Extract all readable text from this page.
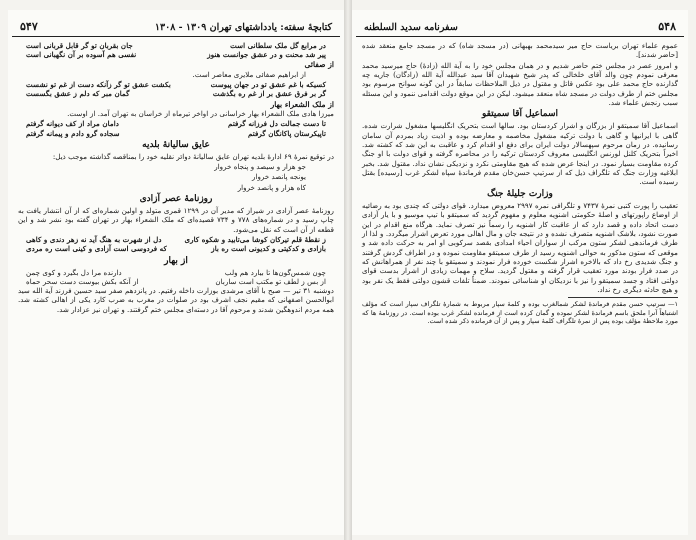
کتابچهٔ سفته: یادداشتهای تهران ۱۳۰۹ - ۱۳۰۸
۵۴۷
در مرابع گل ملک سلطانی است
جان بقربان تو گر قابل قربانی است
پیر شد محنت و در عشق جوانست هنوز
نفسی هم آسوده بر آن نگهبانی است
از صفائی

از ابراهیم صفائی ملایری معاصر است.

کسیکه با غم عشق تو در جهان پیوست
بکشت عشق تو گر زآنکه دست از غم تو نشست
گر بر فرق عشق بر از غم ره بگذشت
گمان مبر که دلم ز عشق بگسست
از ملک الشعراء بهار

میرزا هادی ملک الشعراء بهار خراسانی در اواخر تیرماه از خراسان به تهران آمد. از اوست.

تا دست جمالت دل فرزانه گرفتم
دامان مراد از کف دیوانه گرفتم
تاپیکرستان پاکانگان گرفتم
سجاده گرو دادم و پیمانه گرفتم
عایق سالیانهٔ بلدیه

در توقیع نمرهٔ ۶۹ ادارهٔ بلدیه تهران عایق سالیانهٔ دوائر نقلیه خود را بمناقصه گذاشته موجب ذیل:

جو هزار و سیصد و پنجاه خروار

یونجه پانصد خروار

کاه هزار و پانصد خروار

روزنامهٔ عصر آزادی

روزنامهٔ عصر آزادی در شیراز که مدیر آن در ۱۲۹۹ قمری متولد و اولین شماره‌ای که از آن انتشار یافت به چاپ رسید و در شماره‌های ۷۷۸ و ۷۳۴ قصیده‌ای که ملک الشعراء بهار در تهران گفته بود نشر شد و این قطعه از آن است که نقل می‌شود.

ز نقطهٔ قلم تیرکان کوشا می‌تابید و شکوه کاری
دل از شهرت به هنگ آید نه زهر دندی و کاهی
بازادی و کدکیتی و کدیونی است ره باز
که فردوسی است آزادی و کینی است ره مردی
از بهار
چون شمس‌گون‌ها تا بیارد هم ولب
دارنده مرا دل بگیرد و کوی چمن
از بس ز لطف تو مکتب است ساربان
از آنکه بکش بیوست دست سحر حماه

دوشنبه ۳۱ تیر — صبح با آقای مرشدی بوزارت داخله رفتیم. در پانزدهم صفر سید حسین فرزند آیة الله سید ابوالحسن اصفهانی که مقیم نجف اشرف بود در صلوات در مغرب به ضرب کارد یکی از اهالی کشته شد. همه مردم اندوهگین شدند و مرحوم آقا در دسته‌ای مجلس ختم گرفتند. و تهران نیز عزادار شد.

۵۴۸
سفرنامه سدید السلطنه

عموم علماء تهران بریاست حاج میر سیدمحمد بهبهانی (در مسجد شاه) که در مسجد جامع منعقد شده [حاضر شدند].

و امروز عصر در مجلس ختم حاضر شدیم و در همان مجلس خود را به آیة الله (زادۀ) حاج میرسید محمد معرفی نمودم چون والد آقای خلخالی که پدر شیخ شهیدان آقا سید عبدالله آیة الله (زادگان) جاریه چه گذارنده حاج محمد علی بود عکس قاتل و مقتول در ذیل الملاحظات سابقاً در این گونه سوانح مرسوم بود مجلس ختم از طرف دولت در مسجد شاه منعقد میشود. لیکن در این موقع دولت اقدامی ننمود و این مسئله سبب رنجش علماء شد.

اسماعیل آقا سمیتقو

اسماعیل آقا سمیتقو از بزرگان و اشرار کردستان بود. سالها است بتحریک انگلیسها مشغول شرارت شده. گاهی با ایرانیها و گاهی با دولت ترکیه مشغول مخاصمه و معارضه بوده و اذیت زیاد بمردم آن سامان رسانیده. در زمان مرحوم سپهسالار دولت ایران برای دفع او اقدام کرد و عاقبت به این شد که کشته شد. اخیراً بتحریک کلنل لورنس انگلیسی معروف کردستان ترکیه را در محاصره گرفته و قوای دولت با او جنگ کرده مقاومت بسیار نمود. در اینجا عرض شده که هیچ مقاومتی نکرد و نزدیکی نشان نداد. مقتول شد. بخبر ابلاغیه وزارت جنگ که تلگراف ذیل که از سرتیپ حسن‌خان مقدم فرماندهٔ سپاه لشکر غرب [رسیده] بقتل رسیده است.

وزارت جلیلهٔ جنگ

تعقیب را پورت کتبی نمرهٔ ۷۴۳۷ و تلگرافی نمره ۲۹۹۷ معروض میدارد. قوای دولتی که چندی بود به رضائیه از اوضاع راپورتهای و اصلهٔ حکومتی اشنویه معلوم و مفهوم گردید که سمیتقو با تیپ موسیو و با یار آزادی دست اتحاد داده و قصد دارد که از عاقبت کار اشنویه را رسماً نیز تصرف نماید. هرگاه منع اقدام در این صورت نشود، بلاشک اشنویه متصرف نشده و در نتیجه جان و مال اهالی مورد تعرض اشرار میگردد. و لذا از طرف فرماندهی لشکر ستون مرکب از سواران احیاء امدادی بقصد سرکوبی او امر به حرکت داده شد و موقعی که ستون مذکور به حوالی اشنویه رسید از طرف سمیتقو مقاومت نموده و در اطراف گردش گرفتند و جنگ شدیدی رخ داد که بالاخره اشرار شکست خورده فرار نمودند و سمیتقو با چند نفر از همراهانش که در صدد فرار بودند مورد تعقیب قرار گرفته و مقتول گردید. سلاح و مهمات زیادی از اشرار بدست قوای دولتی افتاد و جسد سمیتقو را نیز با نزدیکان او شناسائی نمودند. ضمناً تلفات قشون دولتی فقط یک نفر بود و هیچ حادثه دیگری رخ نداد.

۱— سرتیپ حسن مقدم فرماندهٔ لشکر شمالغرب بوده و کلمهٔ سپار مربوط به شمارهٔ تلگراف سپار است که مؤلف اشتباهاً آنرا ملحق باسم فرماندهٔ لشکر نموده و گمان کرده است از فرمانده لشکر غرب بوده است. در روزنامهٔ ها که مورد ملاحظهٔ مؤلف بوده پس از نمرهٔ تلگراف کلمهٔ سپار و پس از آن فرمانده ذکر شده است.
